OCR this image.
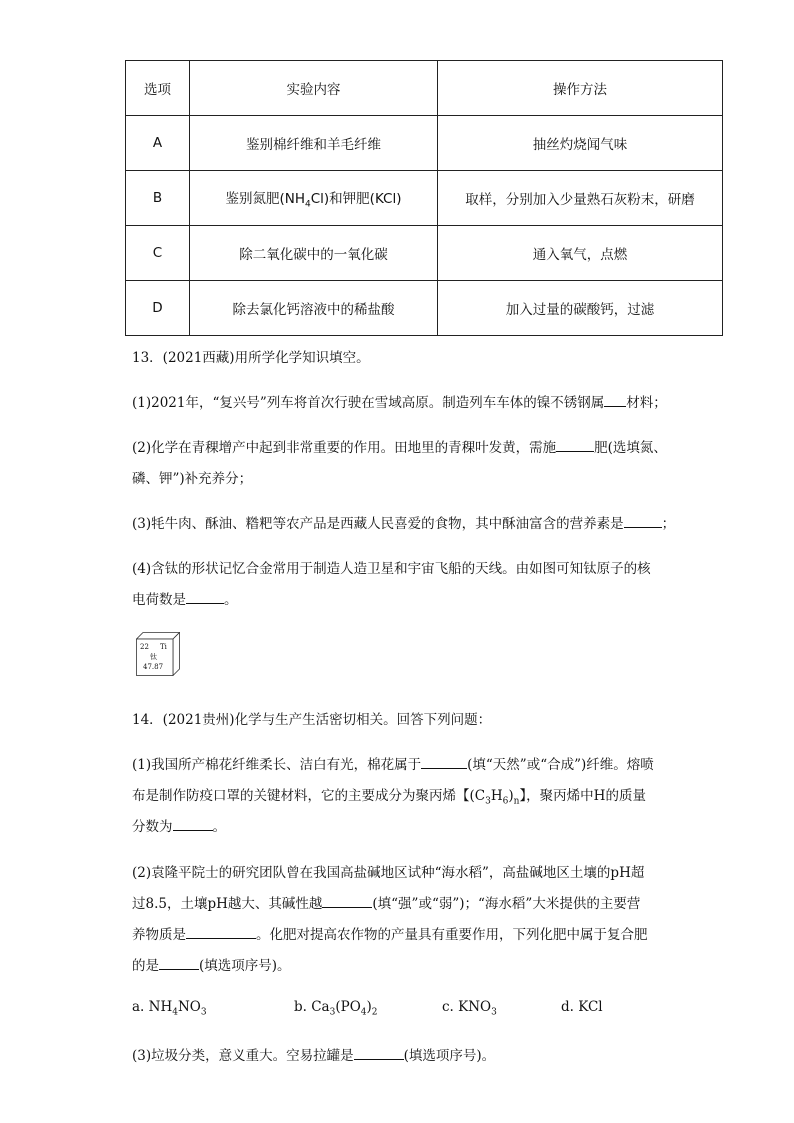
选项	实验内容	操作方法
A	鉴别棉纤维和羊毛纤维	抽丝灼烧闻气味
B	鉴别氮肥$(NH_4Cl)$和钾肥(KCl)	取样，分别加入少量熟石灰粉末，研磨
C	除二氧化碳中的一氧化碳	通入氧气，点燃
D	除去氯化钙溶液中的稀盐酸	加入过量的碳酸钙，过滤
13．(2021西藏)用所学化学知识填空。
(1)2021年，“复兴号”列车将首次行驶在雪域高原。制造列车车体的镍不锈钢属 材料；
(2)化学在青稞增产中起到非常重要的作用。田地里的青稞叶发黄，需施	肥(选填氮、
磷、钾”)补充养分；
(3)牦牛肉、酥油、糌粑等农产品是西藏人民喜爱的食物，其中酥油富含的营养素是	；
(4)含钛的形状记忆合金常用于制造人造卫星和宇宙飞船的天线。由如图可知钛原子的核
电荷数是	。
22 Ti
钛
47.87
14．(2021贵州)化学与生产生活密切相关。回答下列问题：
(1)我国所产棉花纤维柔长、洁白有光，棉花属于	(填“天然”或“合成”)纤维。熔喷
布是制作防疫口罩的关键材料，它的主要成分为聚丙烯【$(C_3H_6)_n$】，聚丙烯中H的质量
分数为	。
(2)袁隆平院士的研究团队曾在我国高盐碱地区试种“海水稻”，高盐碱地区土壤的pH超
过8.5，土壤pH越大、其碱性越	(填“强”或“弱”)；“海水稻”大米提供的主要营
养物质是	。化肥对提高农作物的产量具有重要作用，下列化肥中属于复合肥
的是	(填选项序号)。
a. $NH_4NO_3$	b. $Ca_3(PO_4)_2$	c. $KNO_3$	d. KCl
(3)垃圾分类，意义重大。空易拉罐是	(填选项序号)。
